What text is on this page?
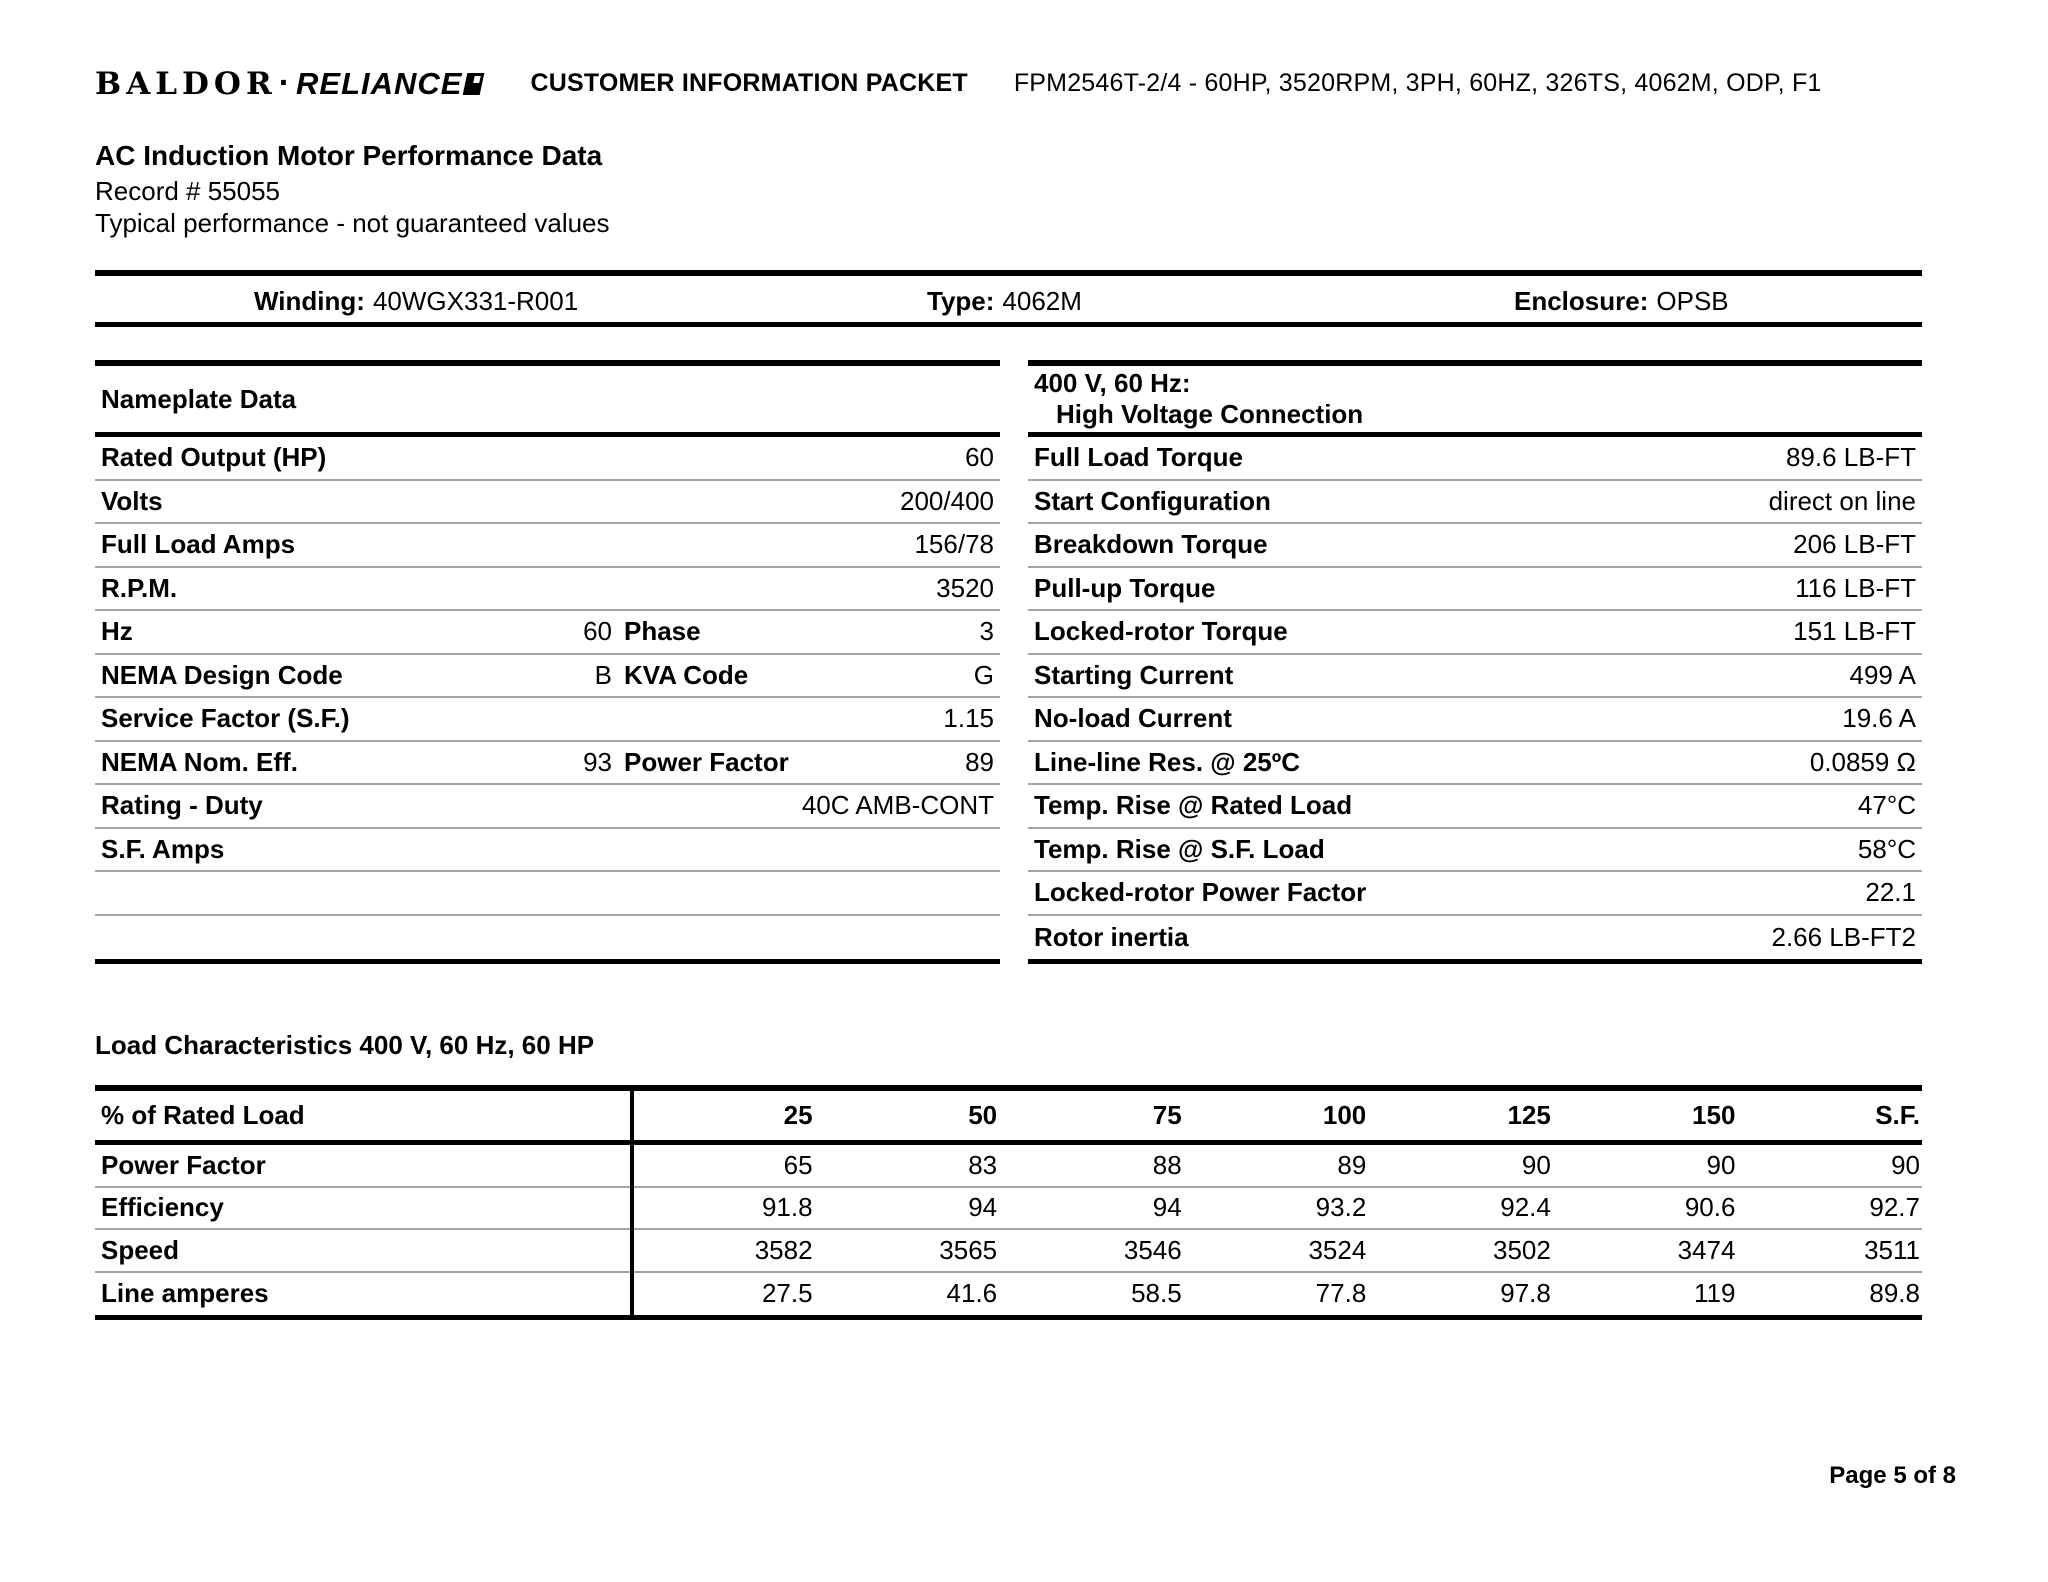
BALDOR · RELIANCE	CUSTOMER INFORMATION PACKET FPM2546T-2/4 - 60HP, 3520RPM, 3PH, 60HZ, 326TS, 4062M, ODP, F1
AC Induction Motor Performance Data
Record # 55055
Typical performance - not guaranteed values
Winding: 40WGX331-R001	Type: 4062M	Enclosure: OPSB
Nameplate Data
Rated Output (HP)	60
Volts	200/400
Full Load Amps	156/78
R.P.M.	3520
Hz	60 Phase	3
NEMA Design Code	B KVA Code	G
Service Factor (S.F.)	1.15
NEMA Nom. Eff.	93 Power Factor	89
Rating - Duty	40C AMB-CONT
S.F. Amps
400 V, 60 Hz:
High Voltage Connection
Full Load Torque	89.6 LB-FT
Start Configuration	direct on line
Breakdown Torque	206 LB-FT
Pull-up Torque	116 LB-FT
Locked-rotor Torque	151 LB-FT
Starting Current	499 A
No-load Current	19.6 A
Line-line Res. @ 25ºC	0.0859 Ω
Temp. Rise @ Rated Load	47°C
Temp. Rise @ S.F. Load	58°C
Locked-rotor Power Factor	22.1
Rotor inertia	2.66 LB-FT2
Load Characteristics 400 V, 60 Hz, 60 HP
% of Rated Load	25	50	75	100	125	150	S.F.
Power Factor	65	83	88	89	90	90	90
Efficiency	91.8	94	94	93.2	92.4	90.6	92.7
Speed	3582	3565	3546	3524	3502	3474	3511
Line amperes	27.5	41.6	58.5	77.8	97.8	119	89.8
Page 5 of 8
